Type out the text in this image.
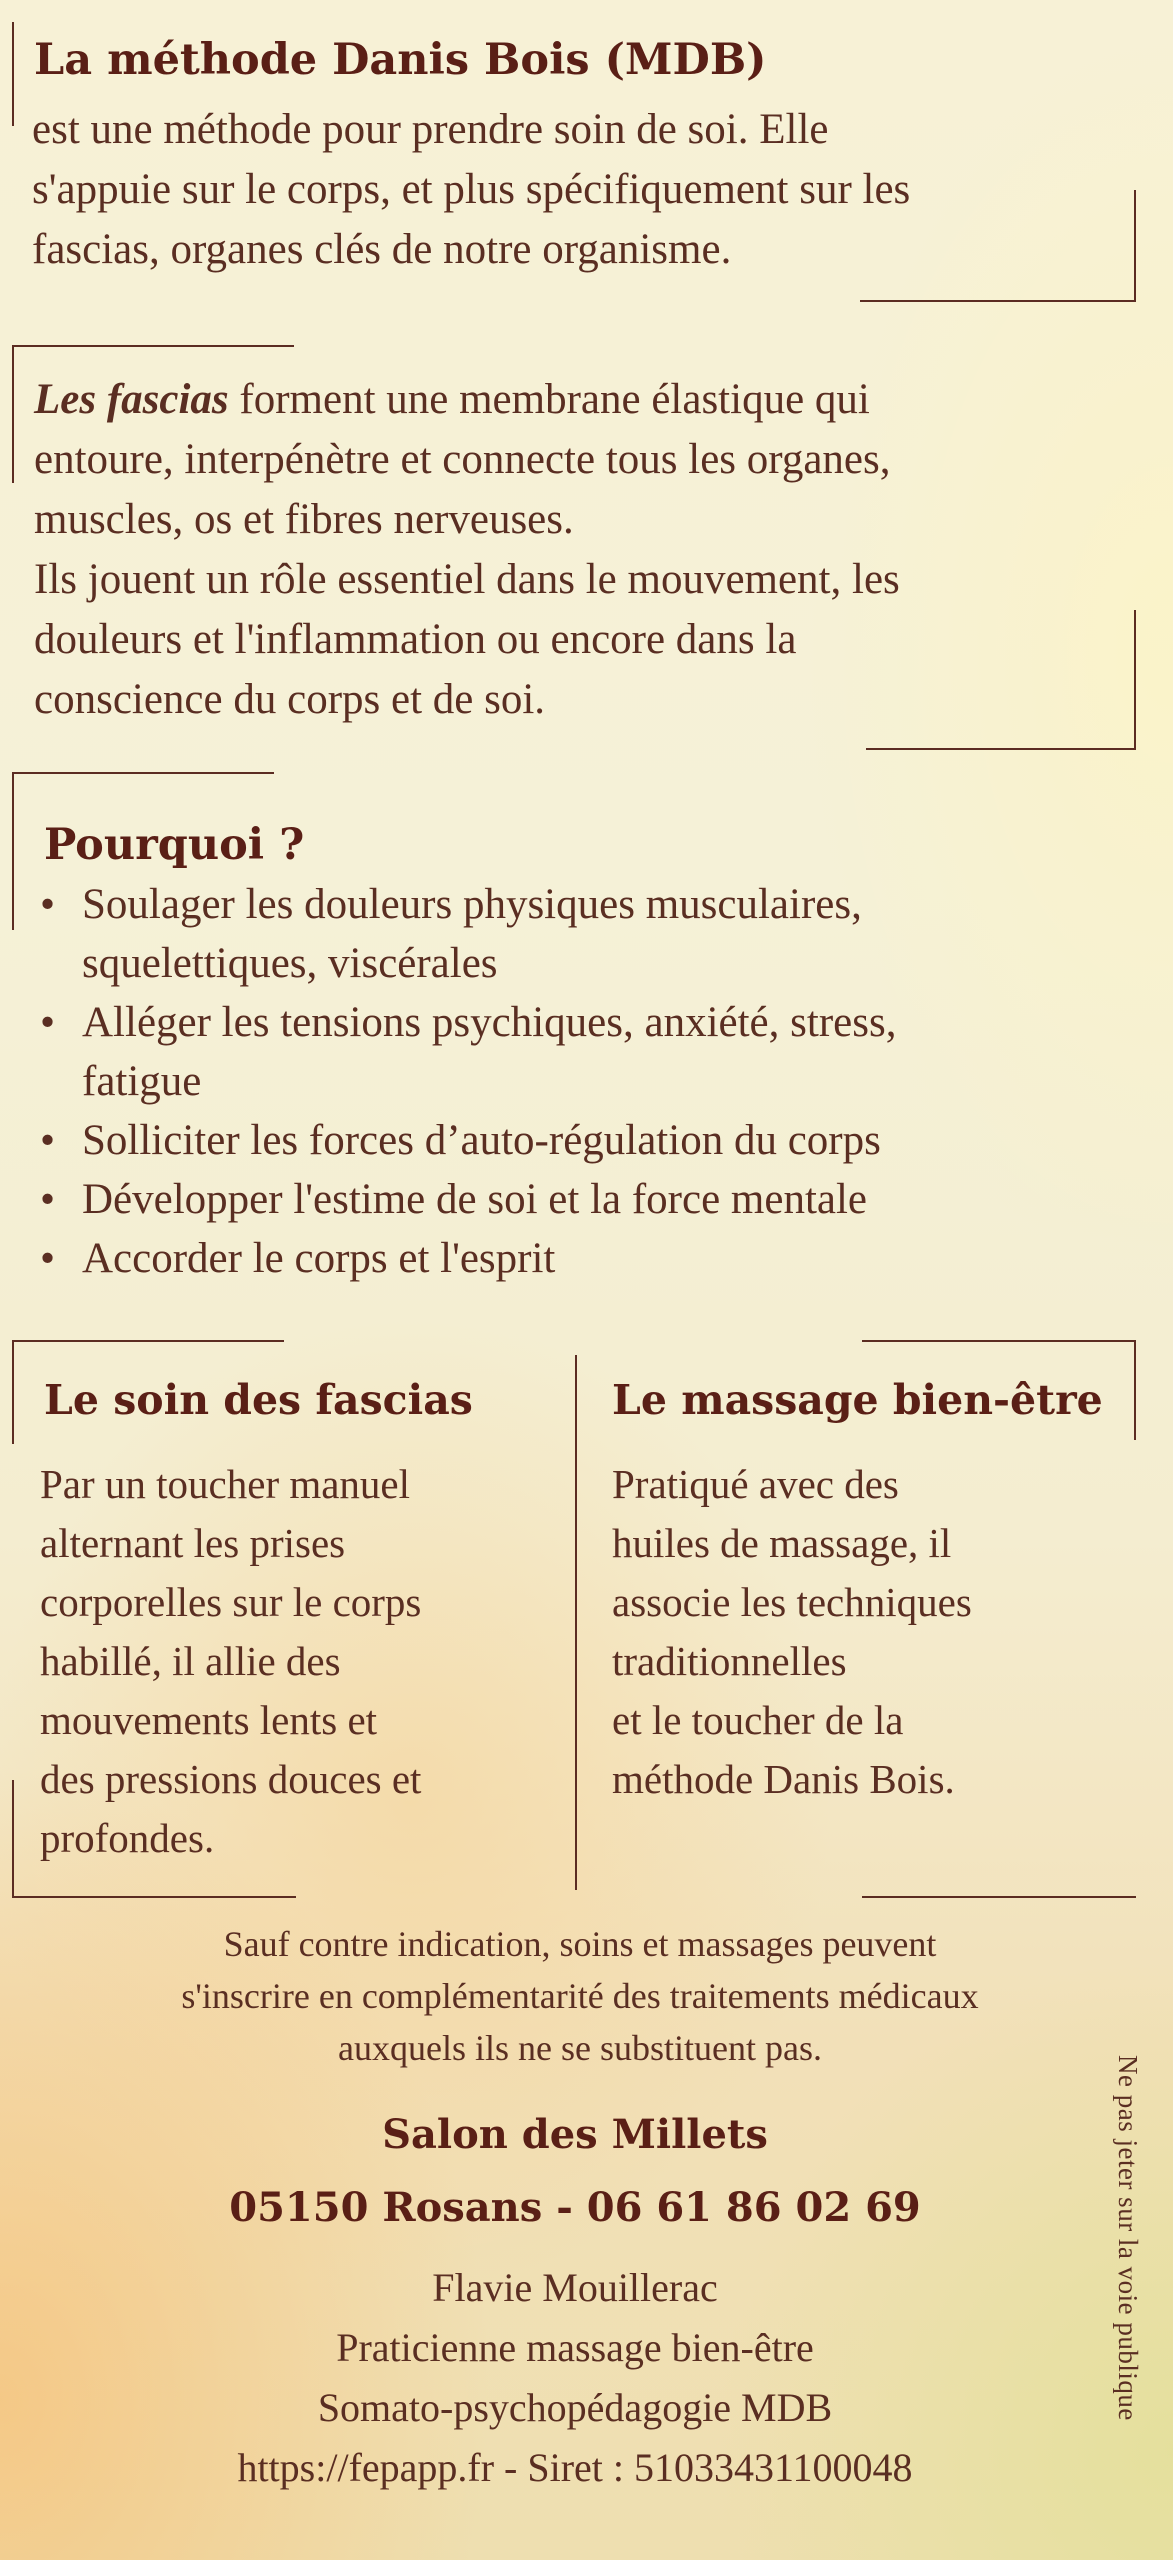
La méthode Danis Bois (MDB)
est une méthode pour prendre soin de soi. Elle
s'appuie sur le corps, et plus spécifiquement sur les
fascias, organes clés de notre organisme.
Les fascias forment une membrane élastique qui
entoure, interpénètre et connecte tous les organes,
muscles, os et fibres nerveuses.
Ils jouent un rôle essentiel dans le mouvement, les
douleurs et l'inflammation ou encore dans la
conscience du corps et de soi.
Pourquoi ?
• Soulager les douleurs physiques musculaires,
squelettiques, viscérales
• Alléger les tensions psychiques, anxiété, stress,
fatigue
• Solliciter les forces d’auto-régulation du corps
• Développer l'estime de soi et la force mentale
• Accorder le corps et l'esprit
Le soin des fascias
Par un toucher manuel
alternant les prises
corporelles sur le corps
habillé, il allie des
mouvements lents et
des pressions douces et
profondes.
Le massage bien-être
Pratiqué avec des
huiles de massage, il
associe les techniques
traditionnelles
et le toucher de la
méthode Danis Bois.
Sauf contre indication, soins et massages peuvent
s'inscrire en complémentarité des traitements médicaux
auxquels ils ne se substituent pas.
Salon des Millets
05150 Rosans - 06 61 86 02 69
Flavie Mouillerac
Praticienne massage bien-être
Somato-psychopédagogie MDB
https://fepapp.fr - Siret : 51033431100048
Ne pas jeter sur la voie publique
